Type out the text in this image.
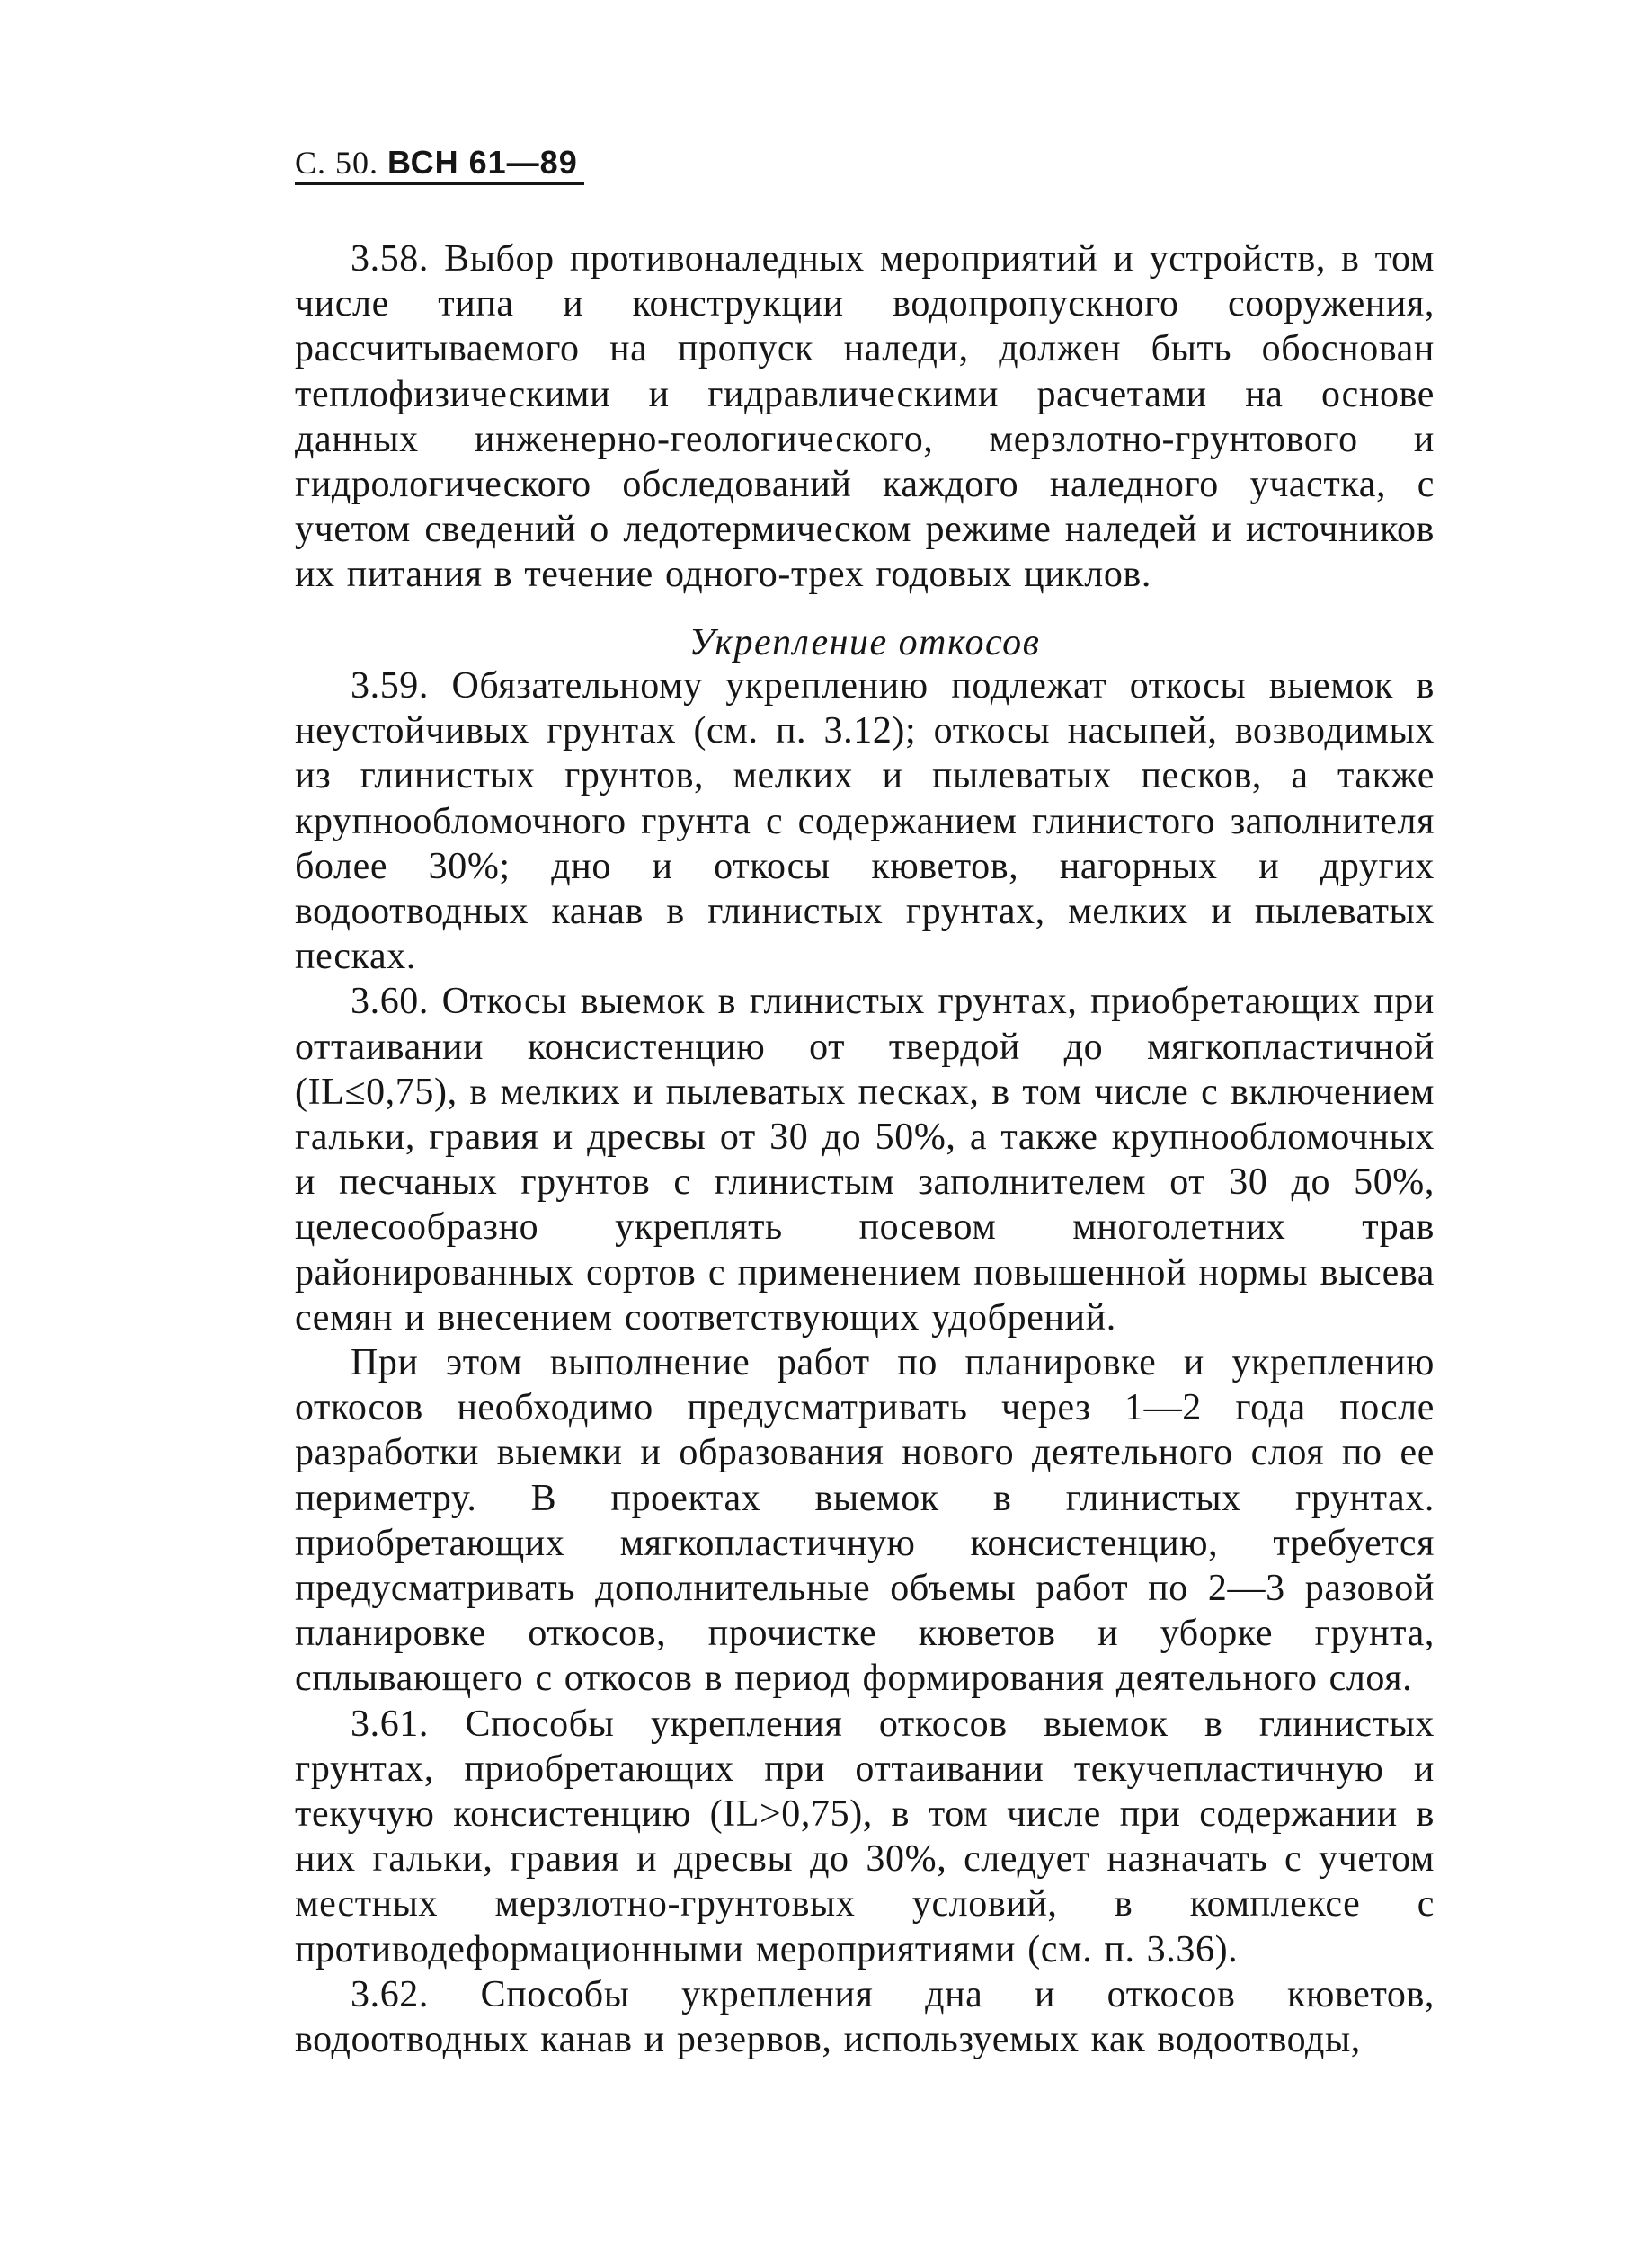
С. 50. ВСН 61—89

3.58. Выбор противоналедных мероприятий и устройств, в том числе типа и конструкции водопропускного сооружения, рассчитываемого на пропуск наледи, должен быть обоснован теплофизическими и гидравлическими расчетами на основе данных инженерно-геологического, мерзлотно-грунтового и гидрологического обследований каждого наледного участка, с учетом сведений о ледотермическом режиме наледей и источников их питания в течение одного-трех годовых циклов.

Укрепление откосов

3.59. Обязательному укреплению подлежат откосы выемок в неустойчивых грунтах (см. п. 3.12); откосы насыпей, возводимых из глинистых грунтов, мелких и пылеватых песков, а также крупнообломочного грунта с содержанием глинистого заполнителя более 30%; дно и откосы кюветов, нагорных и других водоотводных канав в глинистых грунтах, мелких и пылеватых песках.

3.60. Откосы выемок в глинистых грунтах, приобретающих при оттаивании консистенцию от твердой до мягкопластичной (IL≤0,75), в мелких и пылеватых песках, в том числе с включением гальки, гравия и дресвы от 30 до 50%, а также крупнообломочных и песчаных грунтов с глинистым заполнителем от 30 до 50%, целесообразно укреплять посевом многолетних трав районированных сортов с применением повышенной нормы высева семян и внесением соответствующих удобрений.

При этом выполнение работ по планировке и укреплению откосов необходимо предусматривать через 1—2 года после разработки выемки и образования нового деятельного слоя по ее периметру. В проектах выемок в глинистых грунтах. приобретающих мягкопластичную консистенцию, требуется предусматривать дополнительные объемы работ по 2—3 разовой планировке откосов, прочистке кюветов и уборке грунта, сплывающего с откосов в период формирования деятельного слоя.

3.61. Способы укрепления откосов выемок в глинистых грунтах, приобретающих при оттаивании текучепластичную и текучую консистенцию (IL>0,75), в том числе при содержании в них гальки, гравия и дресвы до 30%, следует назначать с учетом местных мерзлотно-грунтовых условий, в комплексе с противодеформационными мероприятиями (см. п. 3.36).

3.62. Способы укрепления дна и откосов кюветов, водоотводных канав и резервов, используемых как водоотводы,
